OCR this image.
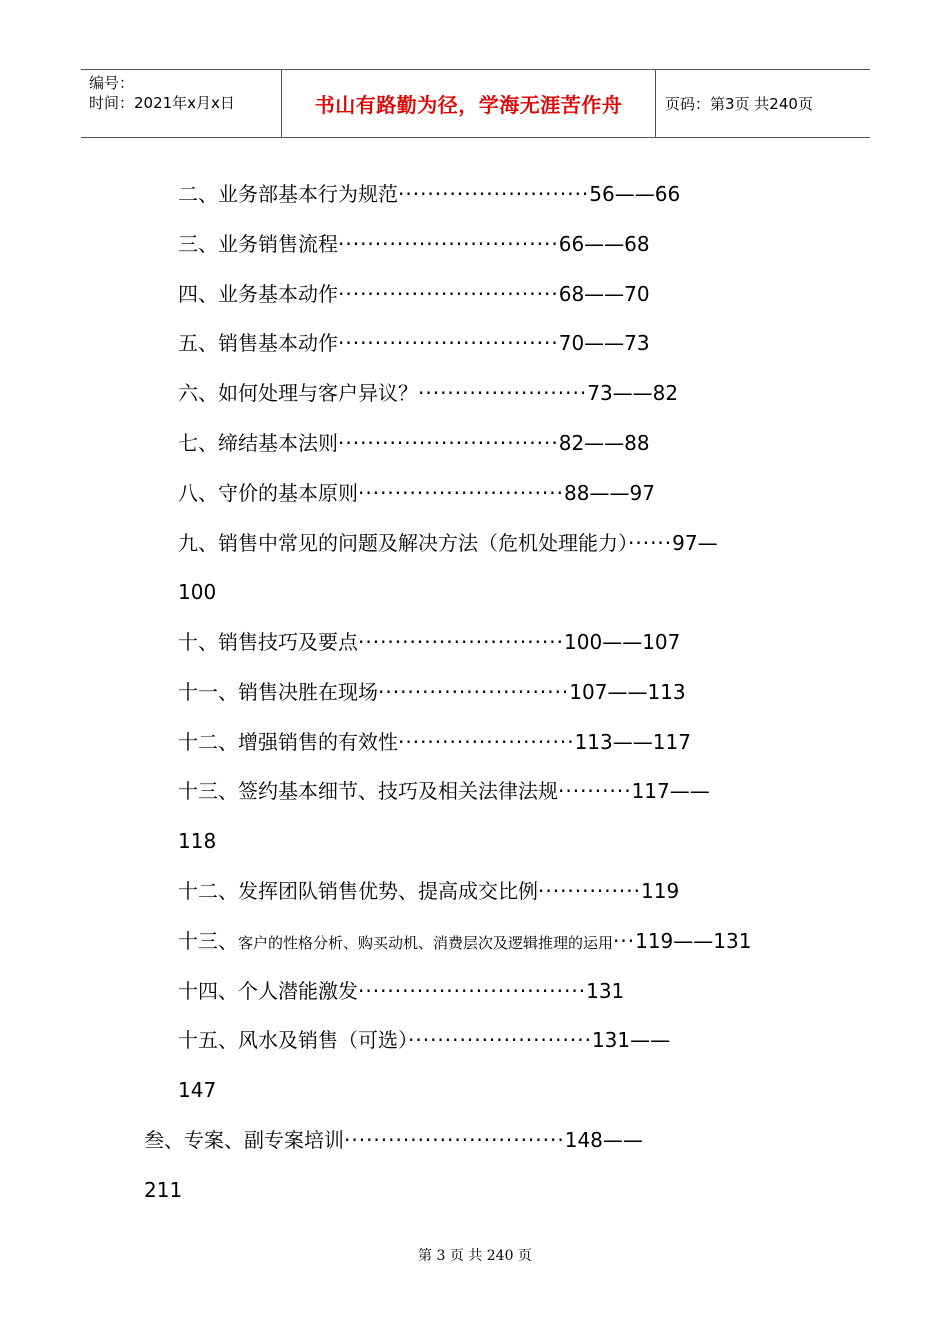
编号：
时间：2021年x月x日	书山有路勤为径，学海无涯苦作舟	页码：第3页 共240页
二、业务部基本行为规范··························56——66
三、业务销售流程······························66——68
四、业务基本动作······························68——70
五、销售基本动作······························70——73
六、如何处理与客户异议？·······················73——82
七、缔结基本法则······························82——88
八、守价的基本原则····························88——97
九、销售中常见的问题及解决方法（危机处理能力）······97—
100
十、销售技巧及要点····························100——107
十一、销售决胜在现场··························107——113
十二、增强销售的有效性························113——117
十三、签约基本细节、技巧及相关法律法规··········117——
118
十二、发挥团队销售优势、提高成交比例··············119
十三、客户的性格分析、购买动机、消费层次及逻辑推理的运用···119——131
十四、个人潜能激发·······························131
十五、风水及销售（可选）·························131——
147
叁、专案、副专案培训······························148——
211
第 3 页 共 240 页
